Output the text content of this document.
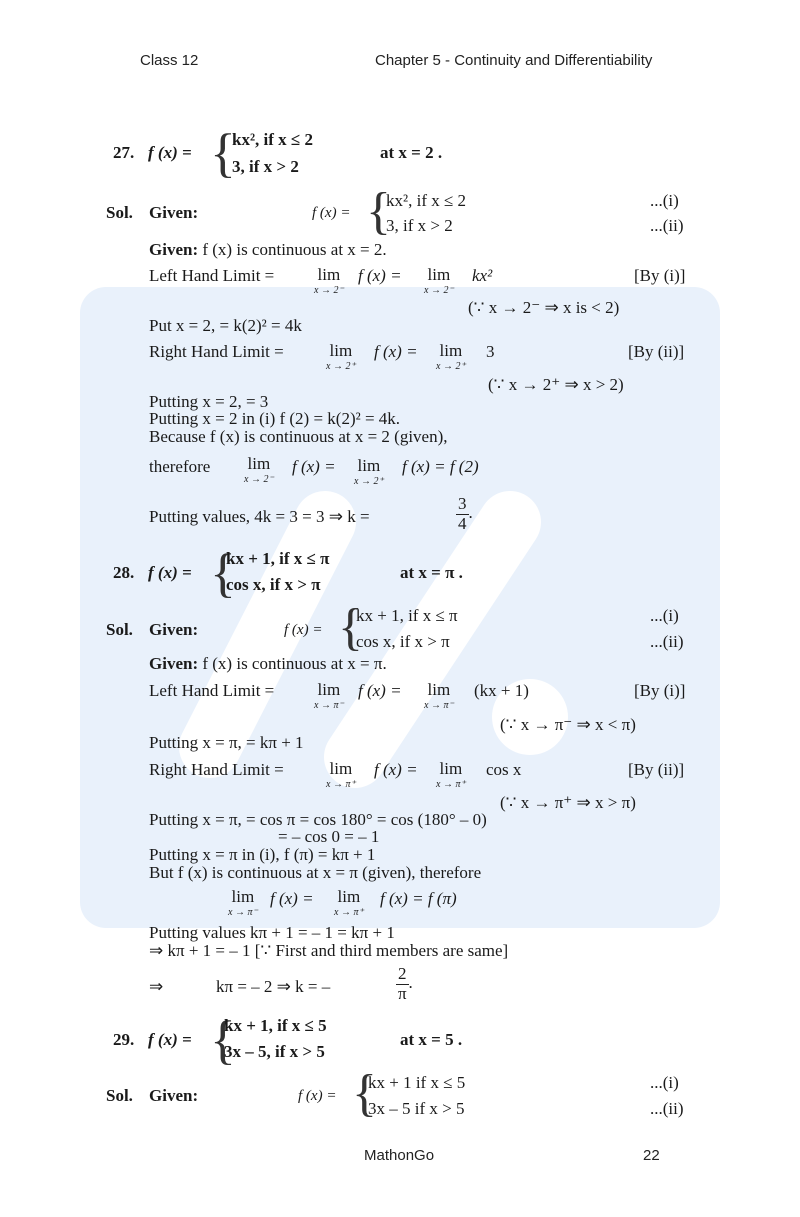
Class 12	Chapter 5 - Continuity and Differentiability
27. f (x) = {
kx², if x ≤ 2
3, if x > 2
at x = 2 .
Sol. Given:	f (x) = {
kx², if x ≤ 2
3, if x > 2
...(i)
...(ii)
Given: f (x) is continuous at x = 2.
Left Hand Limit =	lim
x → 2⁻
f (x) = lim
x → 2⁻
kx²	[By (i)]
(∵ x → 2⁻ ⇒ x is < 2)
Put x = 2, = k(2)² = 4k
Right Hand Limit =	lim
x → 2⁺
f (x) = lim
x → 2⁺
3	[By (ii)]
(∵ x → 2⁺ ⇒ x > 2)
Putting x = 2, = 3
Putting x = 2 in (i) f (2) = k(2)² = 4k.
Because f (x) is continuous at x = 2 (given),
therefore lim
x → 2⁻
f (x) = lim
x → 2⁺
f (x) = f (2)
Putting values, 4k = 3 = 3 ⇒ k =	$\frac{3}{4}$ .
28. f (x) = {
kx + 1, if x ≤ π
cos x, if x > π
at x = π .
Sol. Given:	f (x) = {
kx + 1, if x ≤ π
cos x, if x > π
...(i)
...(ii)
Given: f (x) is continuous at x = π.
Left Hand Limit =	lim
x → π⁻
f (x) = lim
x → π⁻
(kx + 1)	[By (i)]
(∵ x → π⁻ ⇒ x < π)
Putting x = π, = kπ + 1
Right Hand Limit =	lim
x → π⁺
f (x) = lim
x → π⁺
cos x	[By (ii)]
(∵ x → π⁺ ⇒ x > π)
Putting x = π, = cos π = cos 180° = cos (180° – 0)
= – cos 0 = – 1
Putting x = π in (i), f (π) = kπ + 1
But f (x) is continuous at x = π (given), therefore
lim
x → π⁻
f (x) = lim
x → π⁺
f (x) = f (π)
Putting values kπ + 1 = – 1 = kπ + 1
⇒ kπ + 1 = – 1 [∵ First and third members are same]
⇒	kπ = – 2 ⇒ k = –	$\frac{2}{\pi}$ .
29. f (x) = {
kx + 1, if x ≤ 5
3x – 5, if x > 5
at x = 5 .
Sol. Given:	f (x) = {
kx + 1 if x ≤ 5
3x – 5 if x > 5
...(i)
...(ii)
MathonGo	22
